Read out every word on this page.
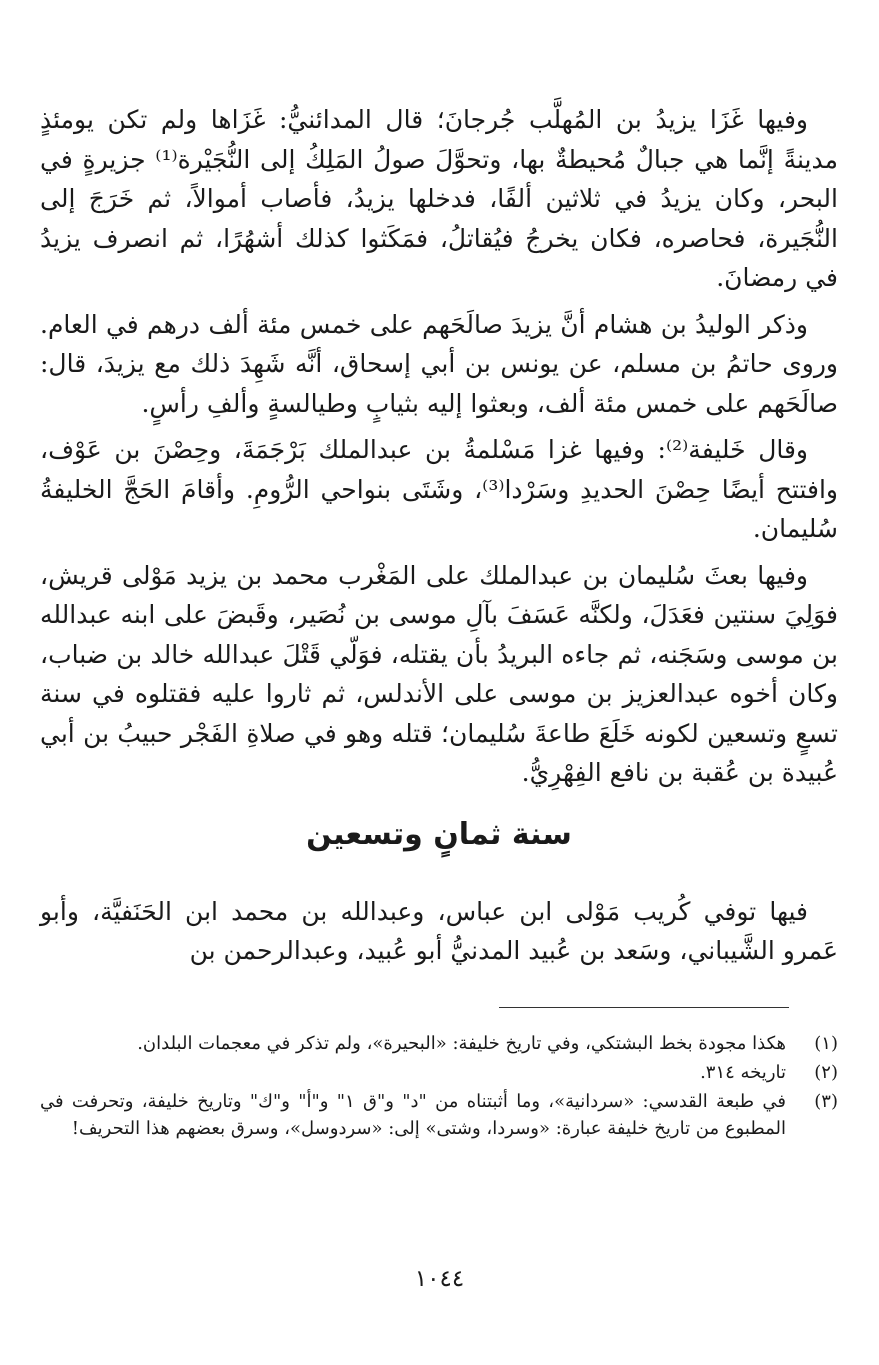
وفيها غَزَا يزيدُ بن المُهلَّب جُرجانَ؛ قال المدائنيُّ: غَزَاها ولم تكن يومئذٍ مدينةً إنَّما هي جبالٌ مُحيطةٌ بها، وتحوَّلَ صولُ المَلِكُ إلى النُّجَيْرة⁽¹⁾ جزيرةٍ في البحر، وكان يزيدُ في ثلاثين ألفًا، فدخلها يزيدُ، فأصاب أموالاً، ثم خَرَجَ إلى النُّجَيرة، فحاصره، فكان يخرجُ فيُقاتلُ، فمَكَثوا كذلك أشهُرًا، ثم انصرف يزيدُ في رمضانَ.

وذكر الوليدُ بن هشام أنَّ يزيدَ صالَحَهم على خمس مئة ألف درهم في العام. وروى حاتمُ بن مسلم، عن يونس بن أبي إسحاق، أنَّه شَهِدَ ذلك مع يزيدَ، قال: صالَحَهم على خمس مئة ألف، وبعثوا إليه بثيابٍ وطيالسةٍ وألفِ رأسٍ.

وقال خَليفة⁽²⁾: وفيها غزا مَسْلمةُ بن عبدالملك بَرْجَمَةَ، وحِصْنَ بن عَوْف، وافتتح أيضًا حِصْنَ الحديدِ وسَرْدا⁽³⁾، وشَتَى بنواحي الرُّومِ. وأقامَ الحَجَّ الخليفةُ سُليمان.

وفيها بعثَ سُليمان بن عبدالملك على المَغْرب محمد بن يزيد مَوْلى قريش، فوَلِيَ سنتين فعَدَلَ، ولكنَّه عَسَفَ بآلِ موسى بن نُصَير، وقَبضَ على ابنه عبدالله بن موسى وسَجَنه، ثم جاءه البريدُ بأن يقتله، فوَلّي قَتْلَ عبدالله خالد بن ضباب، وكان أخوه عبدالعزيز بن موسى على الأندلس، ثم ثاروا عليه فقتلوه في سنة تسعٍ وتسعين لكونه خَلَعَ طاعةَ سُليمان؛ قتله وهو في صلاةِ الفَجْر حبيبُ بن أبي عُبيدة بن عُقبة بن نافع الفِهْرِيُّ.

سنة ثمانٍ وتسعين

فيها توفي كُريب مَوْلى ابن عباس، وعبدالله بن محمد ابن الحَنَفيَّة، وأبو عَمرو الشَّيباني، وسَعد بن عُبيد المدنيُّ أبو عُبيد، وعبدالرحمن بن

(١)
هكذا مجودة بخط البشتكي، وفي تاريخ خليفة: «البحيرة»، ولم تذكر في معجمات البلدان.
(٢)
تاريخه ٣١٤.
(٣)
في طبعة القدسي: «سردانية»، وما أثبتناه من "د" و"ق ١" و"أ" و"ك" وتاريخ خليفة، وتحرفت في المطبوع من تاريخ خليفة عبارة: «وسردا، وشتى» إلى: «سردوسل»، وسرق بعضهم هذا التحريف!
١٠٤٤
